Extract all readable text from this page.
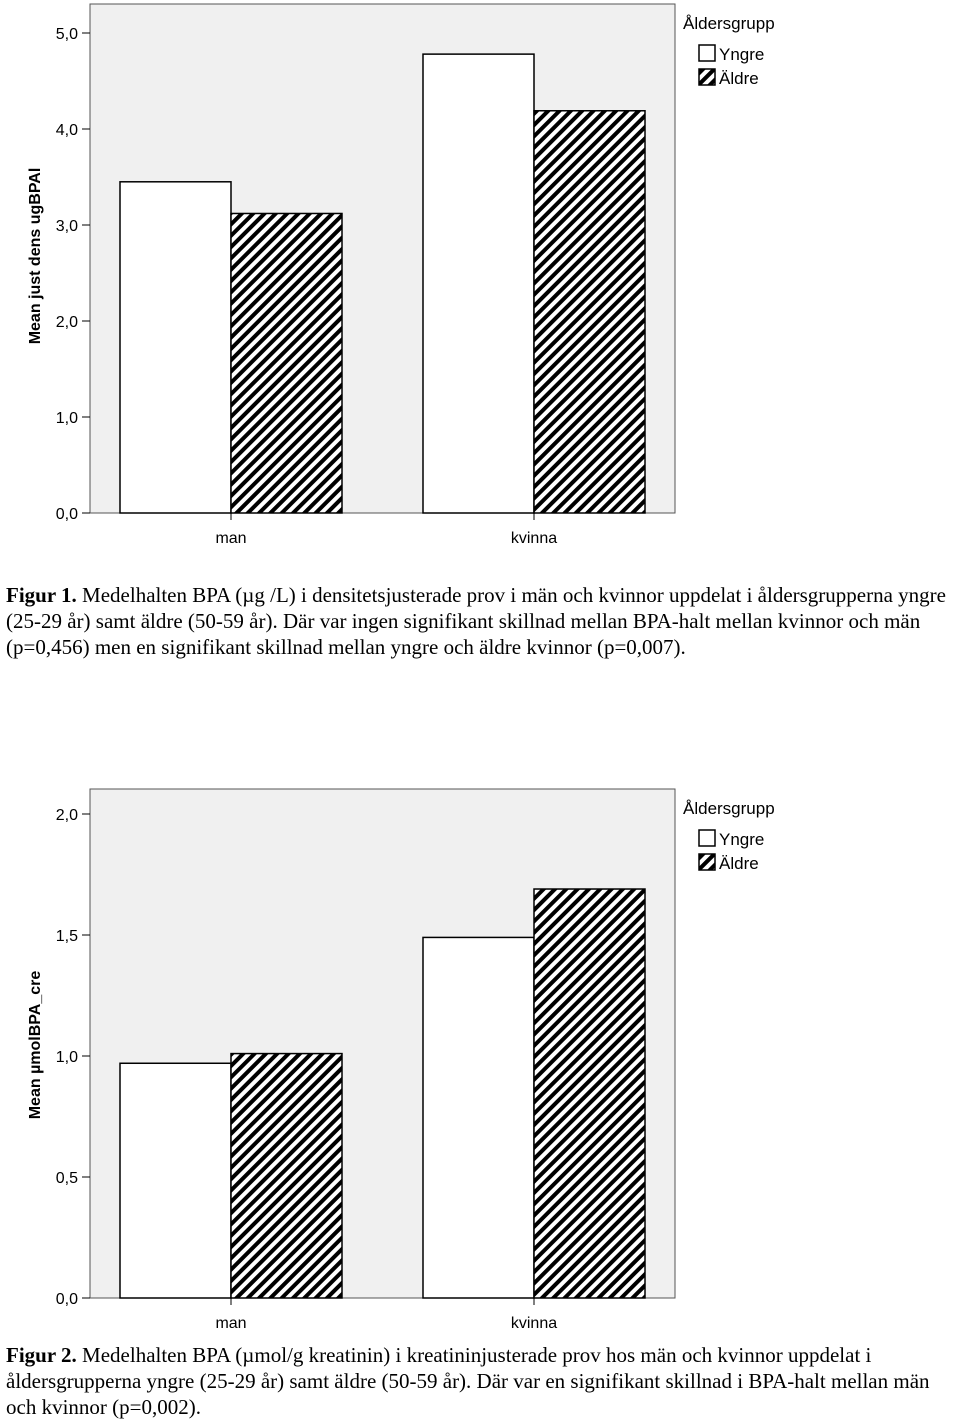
0,0
1,0
2,0
3,0
4,0
5,0
Mean just dens ugBPAl
man	kvinna
Åldersgrupp
Yngre
Äldre
Figur 1. Medelhalten BPA (µg /L) i densitetsjusterade prov i män och kvinnor uppdelat i åldersgrupperna yngre (25-29 år) samt äldre (50-59 år). Där var ingen signifikant skillnad mellan BPA-halt mellan kvinnor och män (p=0,456) men en signifikant skillnad mellan yngre och äldre kvinnor (p=0,007).
0,0
0,5
1,0
1,5
2,0
Mean µmolBPA_cre
man	kvinna
Åldersgrupp
Yngre
Äldre
Figur 2. Medelhalten BPA (µmol/g kreatinin) i kreatininjusterade prov hos män och kvinnor uppdelat i åldersgrupperna yngre (25-29 år) samt äldre (50-59 år). Där var en signifikant skillnad i BPA-halt mellan män och kvinnor (p=0,002).
